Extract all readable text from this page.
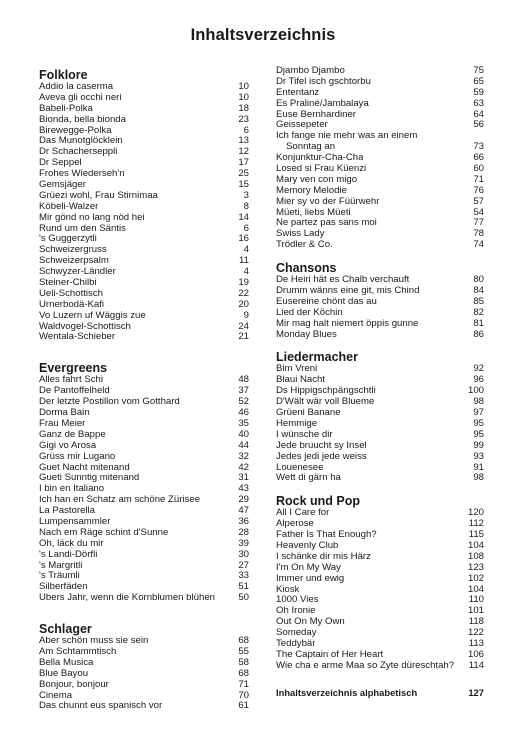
Inhaltsverzeichnis
Folklore
Addio la caserma	10
Aveva gli occhi neri	10
Babeli-Polka	18
Bionda, bella bionda	23
Birewegge-Polka	6
Das Munotglöcklein	13
Dr Schacherseppli	12
Dr Seppel	17
Frohes Wiederseh'n	25
Gemsjäger	15
Grüezi wohl, Frau Stirnimaa	3
Köbeli-Walzer	8
Mir gönd no lang nöd hei	14
Rund um den Säntis	6
's Guggerzytli	16
Schweizergruss	4
Schweizerpsalm	11
Schwyzer-Ländler	4
Steiner-Chilbi	19
Ueli-Schottisch	22
Urnerbodä-Kafi	20
Vo Luzern uf Wäggis zue	9
Waldvogel-Schottisch	24
Wentala-Schieber	21
Evergreens
Alles fahrt Schi	48
De Pantoffelheld	37
Der letzte Postillon vom Gotthard	52
Dorma Bain	46
Frau Meier	35
Ganz de Bappe	40
Gigi vo Arosa	44
Grüss mir Lugano	32
Guet Nacht mitenand	42
Gueti Sunntig mitenand	31
I bin en Italiano	43
Ich han en Schatz am schöne Zürisee	29
La Pastorella	47
Lumpensammler	36
Nach em Räge schint d'Sunne	28
Oh, läck du mir	39
's Landi-Dörfli	30
's Margritli	27
's Träumli	33
Silberfäden	51
Übers Jahr, wenn die Kornblumen blühen	50
Schlager
Aber schön muss sie sein	68
Am Schtammtisch	55
Bella Musica	58
Blue Bayou	68
Bonjour, bonjour	71
Cinema	70
Das chunnt eus spanisch vor	61
Djambo Djambo	75
Dr Tifel isch gschtorbu	65
Ententanz	59
Es Praliné/Jambalaya	63
Euse Bernhardiner	64
Geissepeter	56
Ich fange nie mehr was an einem
Sonntag an	73
Konjunktur-Cha-Cha	66
Losed si Frau Küenzi	60
Mary ven con migo	71
Memory Melodie	76
Mier sy vo der Füürwehr	57
Müeti, liebs Müeti	54
Ne partez pas sans moi	77
Swiss Lady	78
Trödler & Co.	74
Chansons
De Heiri hät es Chalb verchauft	80
Drumm wänns eine git, mis Chind	84
Eusereine chönt das au	85
Lied der Köchin	82
Mir mag halt niemert öppis gunne	81
Monday Blues	86
Liedermacher
Bim Vreni	92
Blaui Nacht	96
Ds Hippigschpängschtli	100
D'Wält wär voll Blueme	98
Grüeni Banane	97
Hemmige	95
I wünsche dir	95
Jede bruucht sy Insel	99
Jedes jedi jede weiss	93
Louenesee	91
Wett di gärn ha	98
Rock und Pop
All I Care for	120
Alperose	112
Father Is That Enough?	115
Heavenly Club	104
I schänke dir mis Härz	108
I'm On My Way	123
Immer und ewig	102
Kiosk	104
1000 Vies	110
Oh Ironie	101
Out On My Own	118
Someday	122
Teddybär	113
The Captain of Her Heart	106
Wie cha e arme Maa so Zyte düreschtah?	114
Inhaltsverzeichnis alphabetisch	127
